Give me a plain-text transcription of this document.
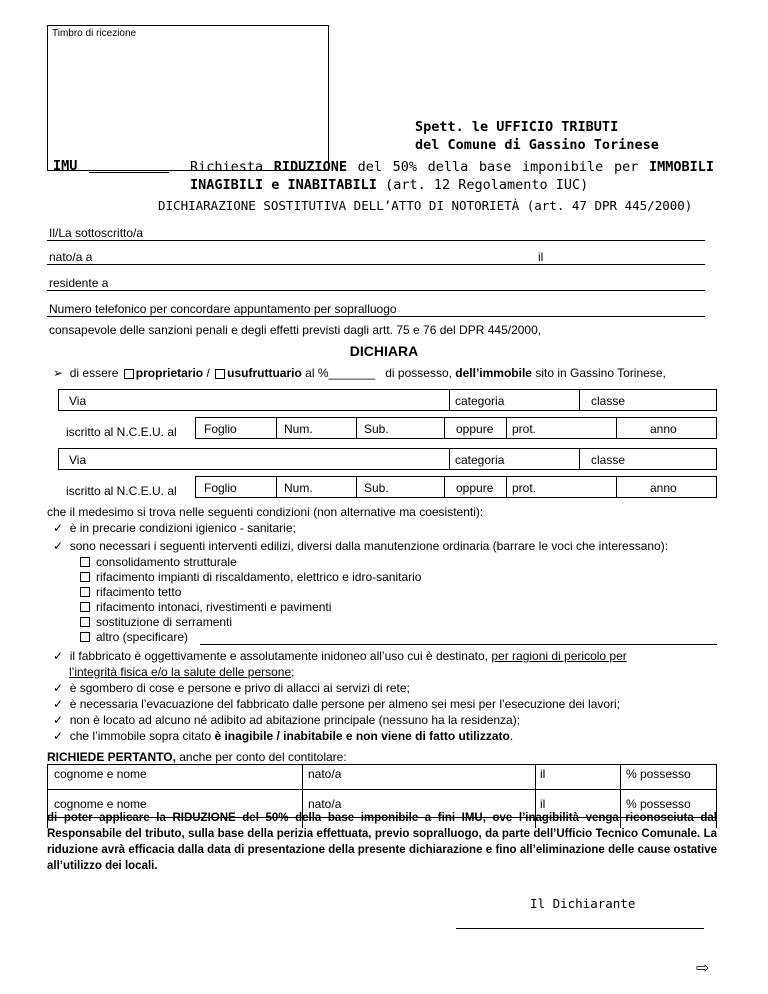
Timbro di ricezione
Spett. le UFFICIO TRIBUTI
del Comune di Gassino Torinese
IMU	Richiesta RIDUZIONE del 50% della base imponibile per IMMOBILI INAGIBILI e INABITABILI (art. 12 Regolamento IUC)
DICHIARAZIONE SOSTITUTIVA DELL’ATTO DI NOTORIETÀ (art. 47 DPR 445/2000)
Il/La sottoscritto/a
nato/a a	il
residente a
Numero telefonico per concordare appuntamento per sopralluogo
consapevole delle sanzioni penali e degli effetti previsti dagli artt. 75 e 76 del DPR 445/2000,
DICHIARA
➢ di essere proprietario / usufruttuario al %_______ di possesso, dell’immobile sito in Gassino Torinese,
Via	categoria	classe
iscritto al N.C.E.U. al Foglio	Num.	Sub.	oppure prot.	anno
Via	categoria	classe
iscritto al N.C.E.U. al Foglio	Num.	Sub.	oppure prot.	anno
che il medesimo si trova nelle seguenti condizioni (non alternative ma coesistenti):
✓ è in precarie condizioni igienico - sanitarie;
✓ sono necessari i seguenti interventi edilizi, diversi dalla manutenzione ordinaria (barrare le voci che interessano):
consolidamento strutturale
rifacimento impianti di riscaldamento, elettrico e idro-sanitario
rifacimento tetto
rifacimento intonaci, rivestimenti e pavimenti
sostituzione di serramenti
altro (specificare)
✓ il fabbricato è oggettivamente e assolutamente inidoneo all’uso cui è destinato, per ragioni di pericolo per
l’integrità fisica e/o la salute delle persone;
✓ è sgombero di cose e persone e privo di allacci ai servizi di rete;
✓ è necessaria l’evacuazione del fabbricato dalle persone per almeno sei mesi per l’esecuzione dei lavori;
✓ non è locato ad alcuno né adibito ad abitazione principale (nessuno ha la residenza);
✓ che l’immobile sopra citato è inagibile / inabitabile e non viene di fatto utilizzato.
RICHIEDE PERTANTO, anche per conto del contitolare:
cognome e nome	nato/a	il	% possesso
cognome e nome	nato/a	il	% possesso
di poter applicare la RIDUZIONE del 50% della base imponibile a fini IMU, ove l’inagibilità venga riconosciuta dal Responsabile del tributo, sulla base della perizia effettuata, previo sopralluogo, da parte dell’Ufficio Tecnico Comunale. La riduzione avrà efficacia dalla data di presentazione della presente dichiarazione e fino all’eliminazione delle cause ostative all’utilizzo dei locali.
Il Dichiarante
⇨
